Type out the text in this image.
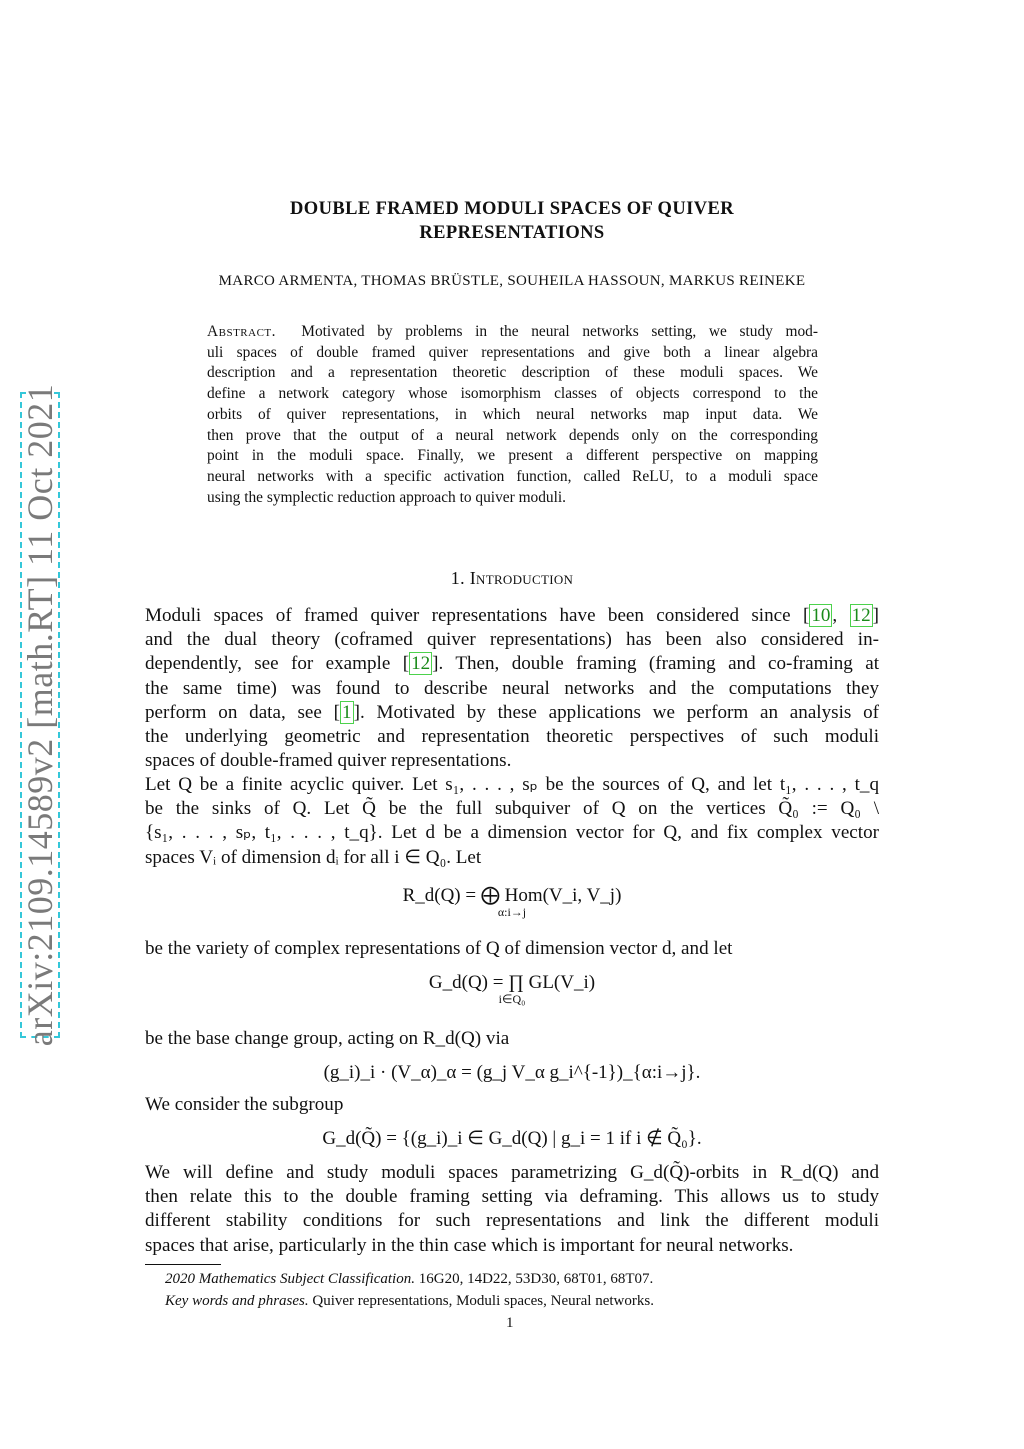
arXiv:2109.14589v2 [math.RT] 11 Oct 2021
DOUBLE FRAMED MODULI SPACES OF QUIVER
REPRESENTATIONS
MARCO ARMENTA, THOMAS BRÜSTLE, SOUHEILA HASSOUN, MARKUS REINEKE
Abstract. Motivated by problems in the neural networks setting, we study mod-
uli spaces of double framed quiver representations and give both a linear algebra
description and a representation theoretic description of these moduli spaces. We
define a network category whose isomorphism classes of objects correspond to the
orbits of quiver representations, in which neural networks map input data. We
then prove that the output of a neural network depends only on the corresponding
point in the moduli space. Finally, we present a different perspective on mapping
neural networks with a specific activation function, called ReLU, to a moduli space
using the symplectic reduction approach to quiver moduli.
1. Introduction
Moduli spaces of framed quiver representations have been considered since [ 10 , 12 ]
and the dual theory (coframed quiver representations) has been also considered in-
dependently, see for example [ 12 ]. Then, double framing (framing and co-framing at
the same time) was found to describe neural networks and the computations they
perform on data, see [ 1 ]. Motivated by these applications we perform an analysis of
the underlying geometric and representation theoretic perspectives of such moduli
spaces of double-framed quiver representations.
Let Q be a finite acyclic quiver. Let s₁, . . . , sₚ be the sources of Q, and let t₁, . . . , t_q
be the sinks of Q. Let Q̃ be the full subquiver of Q on the vertices Q̃₀ := Q₀ \
{s₁, . . . , sₚ, t₁, . . . , t_q}. Let d be a dimension vector for Q, and fix complex vector
spaces Vᵢ of dimension dᵢ for all i ∈ Q₀. Let
R_d(Q) = ⨁ Hom(V_i, V_j)
α:i→j
be the variety of complex representations of Q of dimension vector d, and let
G_d(Q) = ∏ GL(V_i)
i∈Q₀
be the base change group, acting on R_d(Q) via
(g_i)_i · (V_α)_α = (g_j V_α g_i^{-1})_{α:i→j}.
We consider the subgroup
G_d(Q̃) = {(g_i)_i ∈ G_d(Q) | g_i = 1 if i ∉ Q̃₀}.
We will define and study moduli spaces parametrizing G_d(Q̃)-orbits in R_d(Q) and
then relate this to the double framing setting via deframing. This allows us to study
different stability conditions for such representations and link the different moduli
spaces that arise, particularly in the thin case which is important for neural networks.
2020 Mathematics Subject Classification. 16G20, 14D22, 53D30, 68T01, 68T07.
Key words and phrases. Quiver representations, Moduli spaces, Neural networks.
1
